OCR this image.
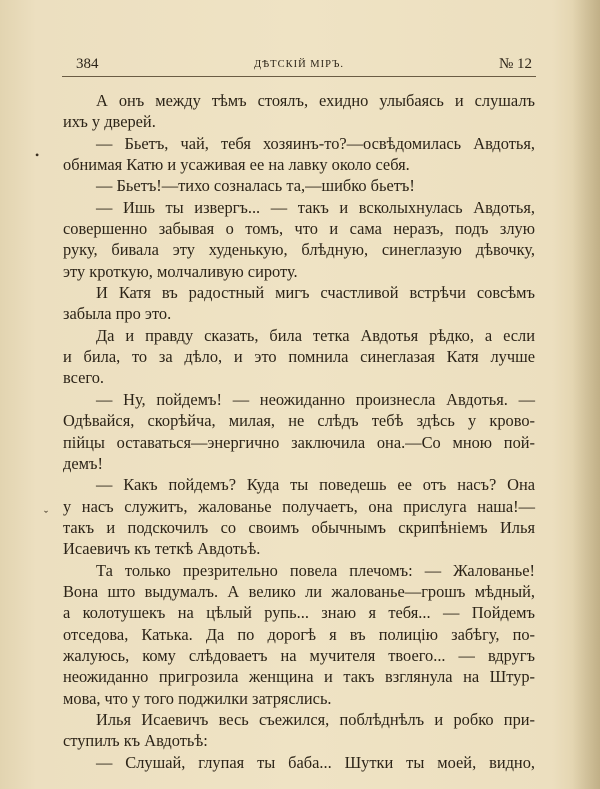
384	ДѢТСКІЙ МІРЪ.	№ 12
•
ˇ
А онъ между тѣмъ стоялъ, ехидно улыбаясь и слушалъ
ихъ у дверей.
— Бьетъ, чай, тебя хозяинъ-то?—освѣдомилась Авдотья,
обнимая Катю и усаживая ее на лавку около себя.
— Бьетъ!—тихо созналась та,—шибко бьетъ!
— Ишь ты извергъ... — такъ и всколыхнулась Авдотья,
совершенно забывая о томъ, что и сама неразъ, подъ злую
руку, бивала эту худенькую, блѣдную, синеглазую дѣвочку,
эту кроткую, молчаливую сироту.
И Катя въ радостный мигъ счастливой встрѣчи совсѣмъ
забыла про это.
Да и правду сказать, била тетка Авдотья рѣдко, а если
и била, то за дѣло, и это помнила синеглазая Катя лучше
всего.
— Ну, пойдемъ! — неожиданно произнесла Авдотья. —
Одѣвайся, скорѣйча, милая, не слѣдъ тебѣ здѣсь у крово-
пійцы оставаться—энергично заключила она.—Со мною пой-
демъ!
— Какъ пойдемъ? Куда ты поведешь ее отъ насъ? Она
у насъ служитъ, жалованье получаетъ, она прислуга наша!—
такъ и подскочилъ со своимъ обычнымъ скрипѣніемъ Илья
Исаевичъ къ теткѣ Авдотьѣ.
Та только презрительно повела плечомъ: — Жалованье!
Вона што выдумалъ. А велико ли жалованье—грошъ мѣдный,
а колотушекъ на цѣлый рупь... знаю я тебя... — Пойдемъ
отседова, Катька. Да по дорогѣ я въ полицію забѣгу, по-
жалуюсь, кому слѣдоваетъ на мучителя твоего... — вдругъ
неожиданно пригрозила женщина и такъ взглянула на Штур-
мова, что у того поджилки затряслись.
Илья Исаевичъ весь съежился, поблѣднѣлъ и робко при-
ступилъ къ Авдотьѣ:
— Слушай, глупая ты баба... Шутки ты моей, видно,
